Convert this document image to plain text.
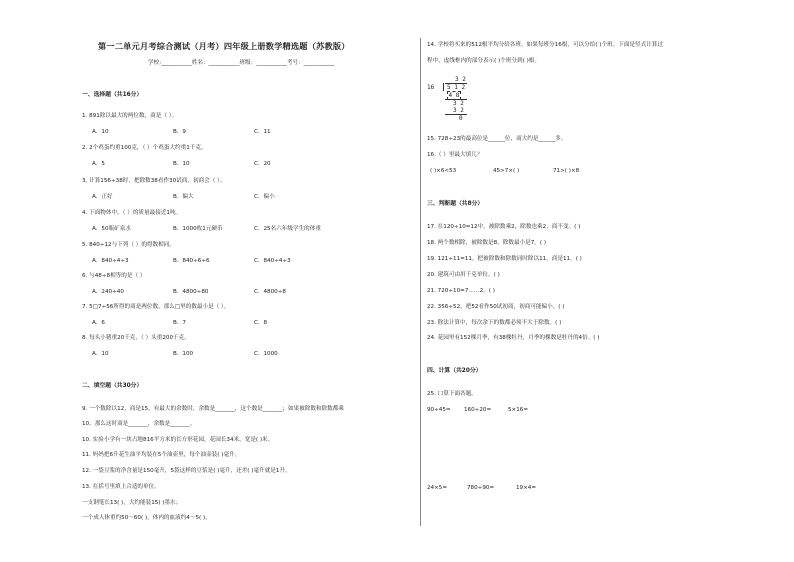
第一二单元月考综合测试（月考）四年级上册数学精选题（苏教版）
学校:___________姓名：___________班级：___________考号：___________
一、选择题（共16分）
1. 891除以最大的两位数，商是（ ）。
A．10	B．9	C．11
2. 2个鸡蛋约重100克，（ ）个鸡蛋大约重1千克。
A．5	B．10	C．20
3. 计算156÷38时，把除数38看作30试商，初商会（ ）。
A．正好	B．偏大	C．偏小
4. 下面物体中，（ ）的质量最接近1吨。
A．50瓶矿泉水	B．1000枚1元硬币	C．25名六年级学生的体重
5. 840÷12与下列（ ）的得数相同。
A．840÷4÷3	B．840÷6÷6	C．840÷4÷3
6. 与48÷8相等的是（ ）
A．240÷40	B．4800÷80	C．4800÷8
7. 5□7÷56所得的商是两位数，那么□里的数最小是（ ）。
A．6	B．7	C．8
8. 每头小猪重20千克，（ ）头重200千克。
A．10	B．100	C．1000
二、填空题（共30分）
9. 一个数除以12，商是15，有最大的余数时，余数是_______，这个数是_______；如果被除数和除数都乘
10，那么这时商是_______，余数是_______。
10. 实验小学有一块占地816平方米的长方形花园，花园长34米，宽是( )米。
11. 妈妈把6升花生油平均装在5个油壶里，每个油壶装( )毫升。
12. 一袋豆浆的净含量是150毫升，5袋这样的豆浆是( )毫升，还差( )毫升就是1升。
13. 在括号里填上合适的单位。
一支钢笔长13( )，大约能装15( )墨水；
一个成人体重约50～60( )，体内的血液约4～5( )。
14. 学校将买来的512根平均分给各班，如果每班分16根，可以分给( )个班。下面是竖式计算过
程中，虚线框内的部分表示( )个班分到( )根。
3 2
16 5 1 2
4 8
3 2
3 2
0
15. 728÷23的最高位是______位，商大约是______多。
16.（ ）里最大填几？
( )×6<53	45>7×( )	71>( )×8
三、判断题（共8分）
17. 在120÷10=12中，被除数乘2，除数也乘2，商不变。( )
18. 两个数相除，被除数是8，除数最小是7。( )
19. 121÷11=11，把被除数和除数同时除以11，商是11。( )
20. 建筑可由用千克单位。( )
21. 720÷10=7……2。( )
22. 356÷52，把52看作50试初商，初商可能偏小。( )
23. 除法计算中，每次余下的数都必须不大于除数。( )
24. 花园里有152棵月季，有38棵牡丹，月季的棵数是牡丹的4倍。( )
四、计算（共20分）
25. 口算下面各题。
90÷45= 160÷20=	5×16=
24×5=	780÷90=	19×4=
